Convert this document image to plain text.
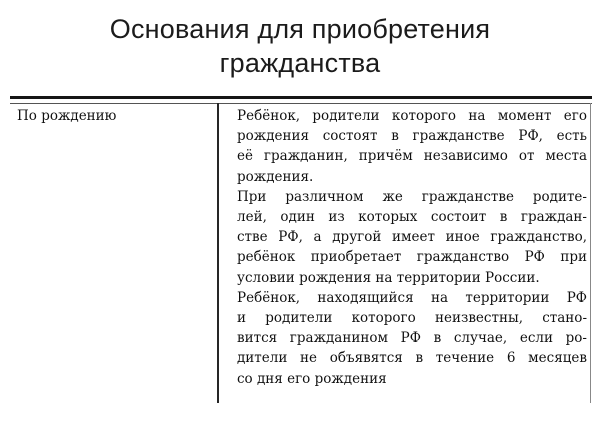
Основания для приобретения
гражданства
По рождению	Ребёнок, родители которого на момент его
рождения состоят в гражданстве РФ, есть
её гражданин, причём независимо от места
рождения.

При различном же гражданстве родите-
лей, один из которых состоит в граждан-
стве РФ, а другой имеет иное гражданство,
ребёнок приобретает гражданство РФ при
условии рождения на территории России.

Ребёнок, находящийся на территории РФ
и родители которого неизвестны, стано-
вится гражданином РФ в случае, если ро-
дители не объявятся в течение 6 месяцев
со дня его рождения
